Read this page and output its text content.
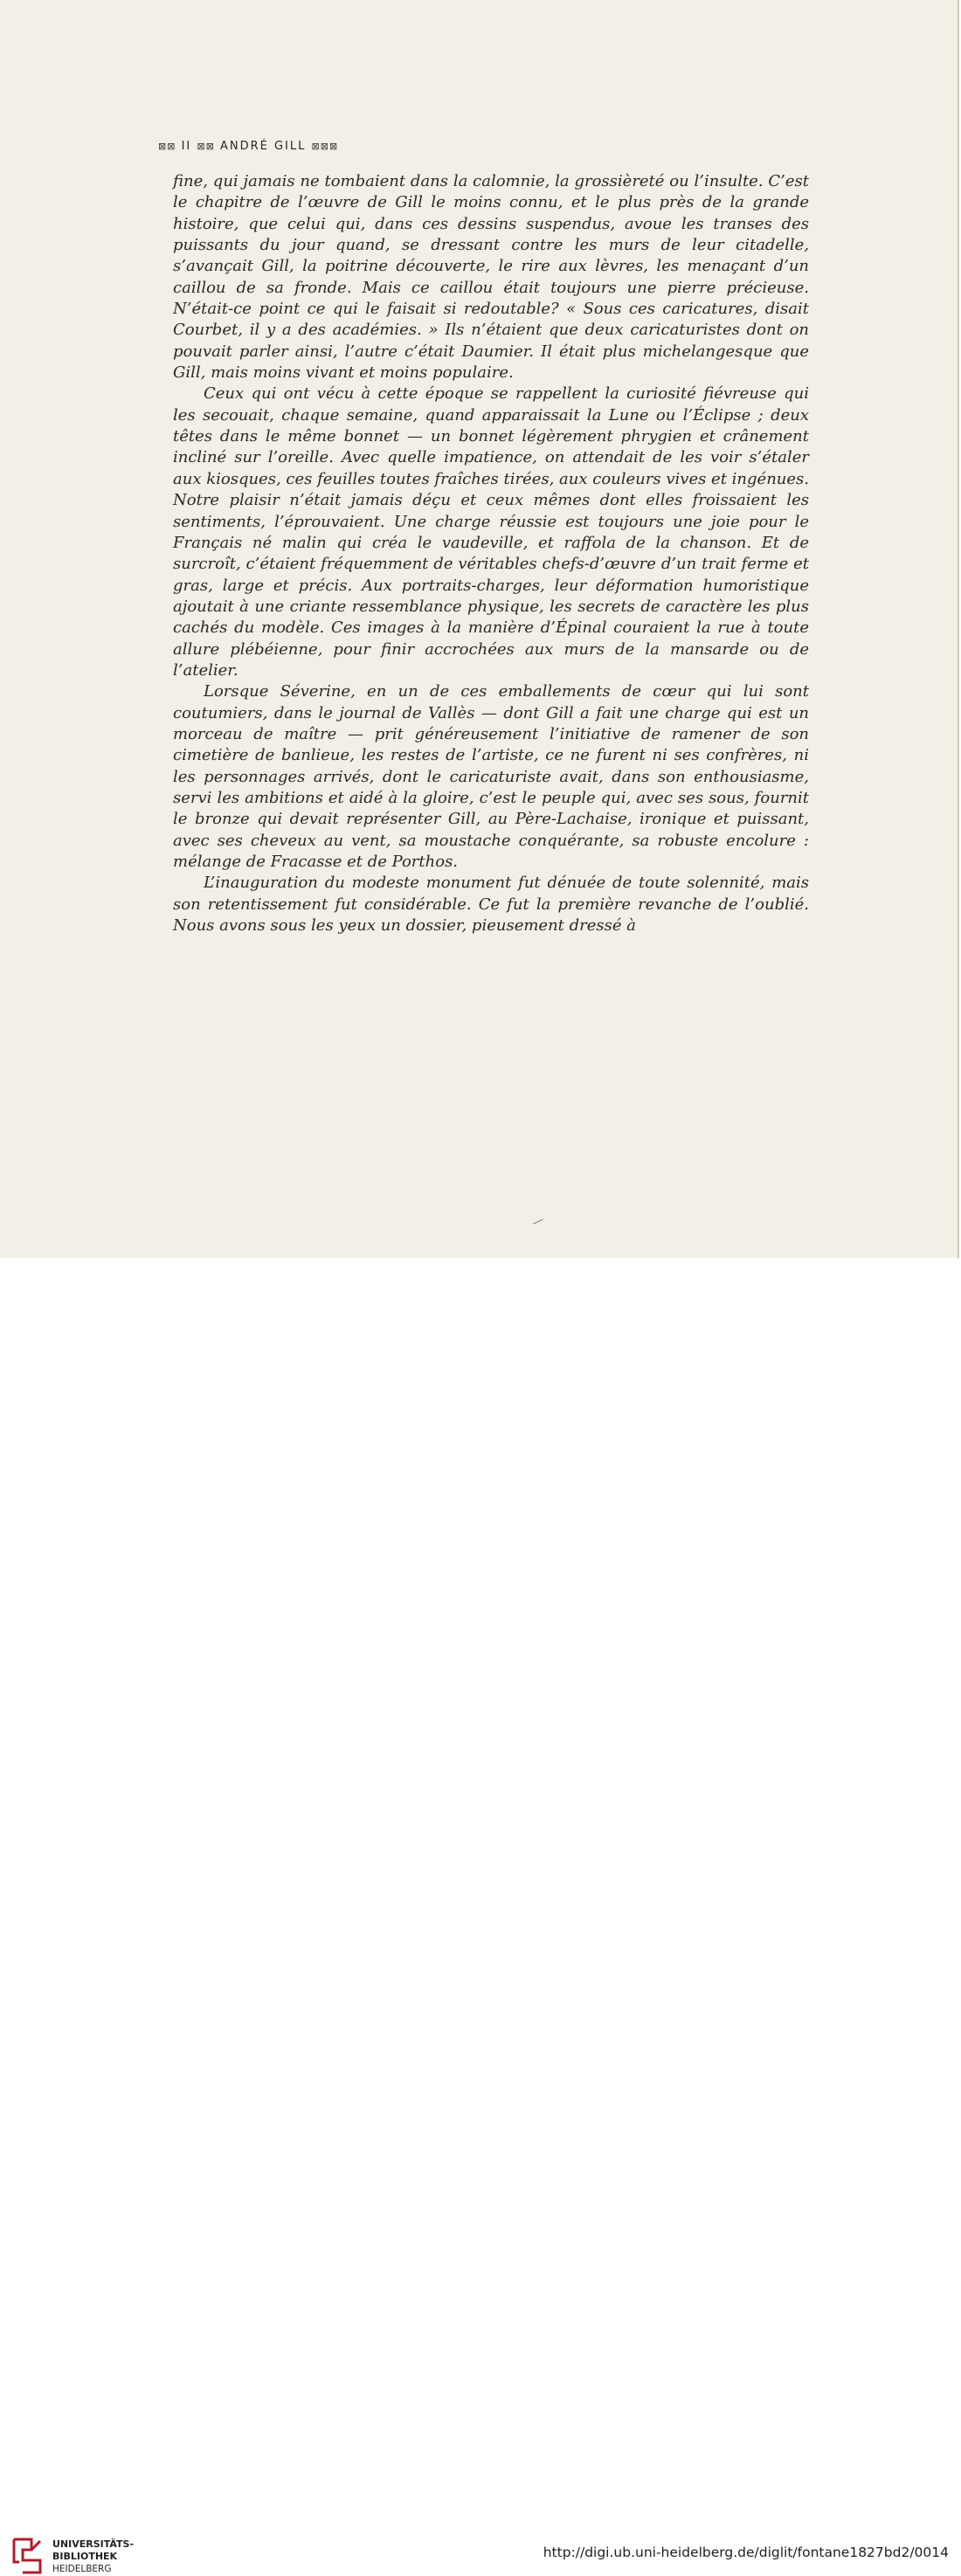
⊠⊠ II ⊠⊠ ANDRÉ GILL ⊠⊠⊠

fine, qui jamais ne tombaient dans la calomnie, la grossièreté ou l’insulte. C’est le chapitre de l’œuvre de Gill le moins connu, et le plus près de la grande histoire, que celui qui, dans ces dessins suspendus, avoue les transes des puissants du jour quand, se dressant contre les murs de leur citadelle, s’avançait Gill, la poitrine découverte, le rire aux lèvres, les menaçant d’un caillou de sa fronde. Mais ce caillou était toujours une pierre précieuse. N’était-ce point ce qui le faisait si redoutable? « Sous ces caricatures, disait Courbet, il y a des académies. » Ils n’étaient que deux caricaturistes dont on pouvait parler ainsi, l’autre c’était Daumier. Il était plus michelangesque que Gill, mais moins vivant et moins populaire.

Ceux qui ont vécu à cette époque se rappellent la curiosité fiévreuse qui les secouait, chaque semaine, quand apparaissait la Lune ou l’Éclipse ; deux têtes dans le même bonnet — un bonnet légèrement phrygien et crânement incliné sur l’oreille. Avec quelle impatience, on attendait de les voir s’étaler aux kiosques, ces feuilles toutes fraîches tirées, aux couleurs vives et ingénues. Notre plaisir n’était jamais déçu et ceux mêmes dont elles froissaient les sentiments, l’éprouvaient. Une charge réussie est toujours une joie pour le Français né malin qui créa le vaudeville, et raffola de la chanson. Et de surcroît, c’étaient fréquemment de véritables chefs-d’œuvre d’un trait ferme et gras, large et précis. Aux portraits-charges, leur déformation humoristique ajoutait à une criante ressemblance physique, les secrets de caractère les plus cachés du modèle. Ces images à la manière d’Épinal couraient la rue à toute allure plébéienne, pour finir accrochées aux murs de la mansarde ou de l’atelier.

Lorsque Séverine, en un de ces emballements de cœur qui lui sont coutumiers, dans le journal de Vallès — dont Gill a fait une charge qui est un morceau de maître — prit généreusement l’initiative de ramener de son cimetière de banlieue, les restes de l’artiste, ce ne furent ni ses confrères, ni les personnages arrivés, dont le caricaturiste avait, dans son enthousiasme, servi les ambitions et aidé à la gloire, c’est le peuple qui, avec ses sous, fournit le bronze qui devait représenter Gill, au Père-Lachaise, ironique et puissant, avec ses cheveux au vent, sa moustache conquérante, sa robuste encolure : mélange de Fracasse et de Porthos.

L’inauguration du modeste monument fut dénuée de toute solennité, mais son retentissement fut considérable. Ce fut la première revanche de l’oublié. Nous avons sous les yeux un dossier, pieusement dressé à

UNIVERSITÄTS-
BIBLIOTHEK
HEIDELBERG
http://digi.ub.uni-heidelberg.de/diglit/fontane1827bd2/0014
